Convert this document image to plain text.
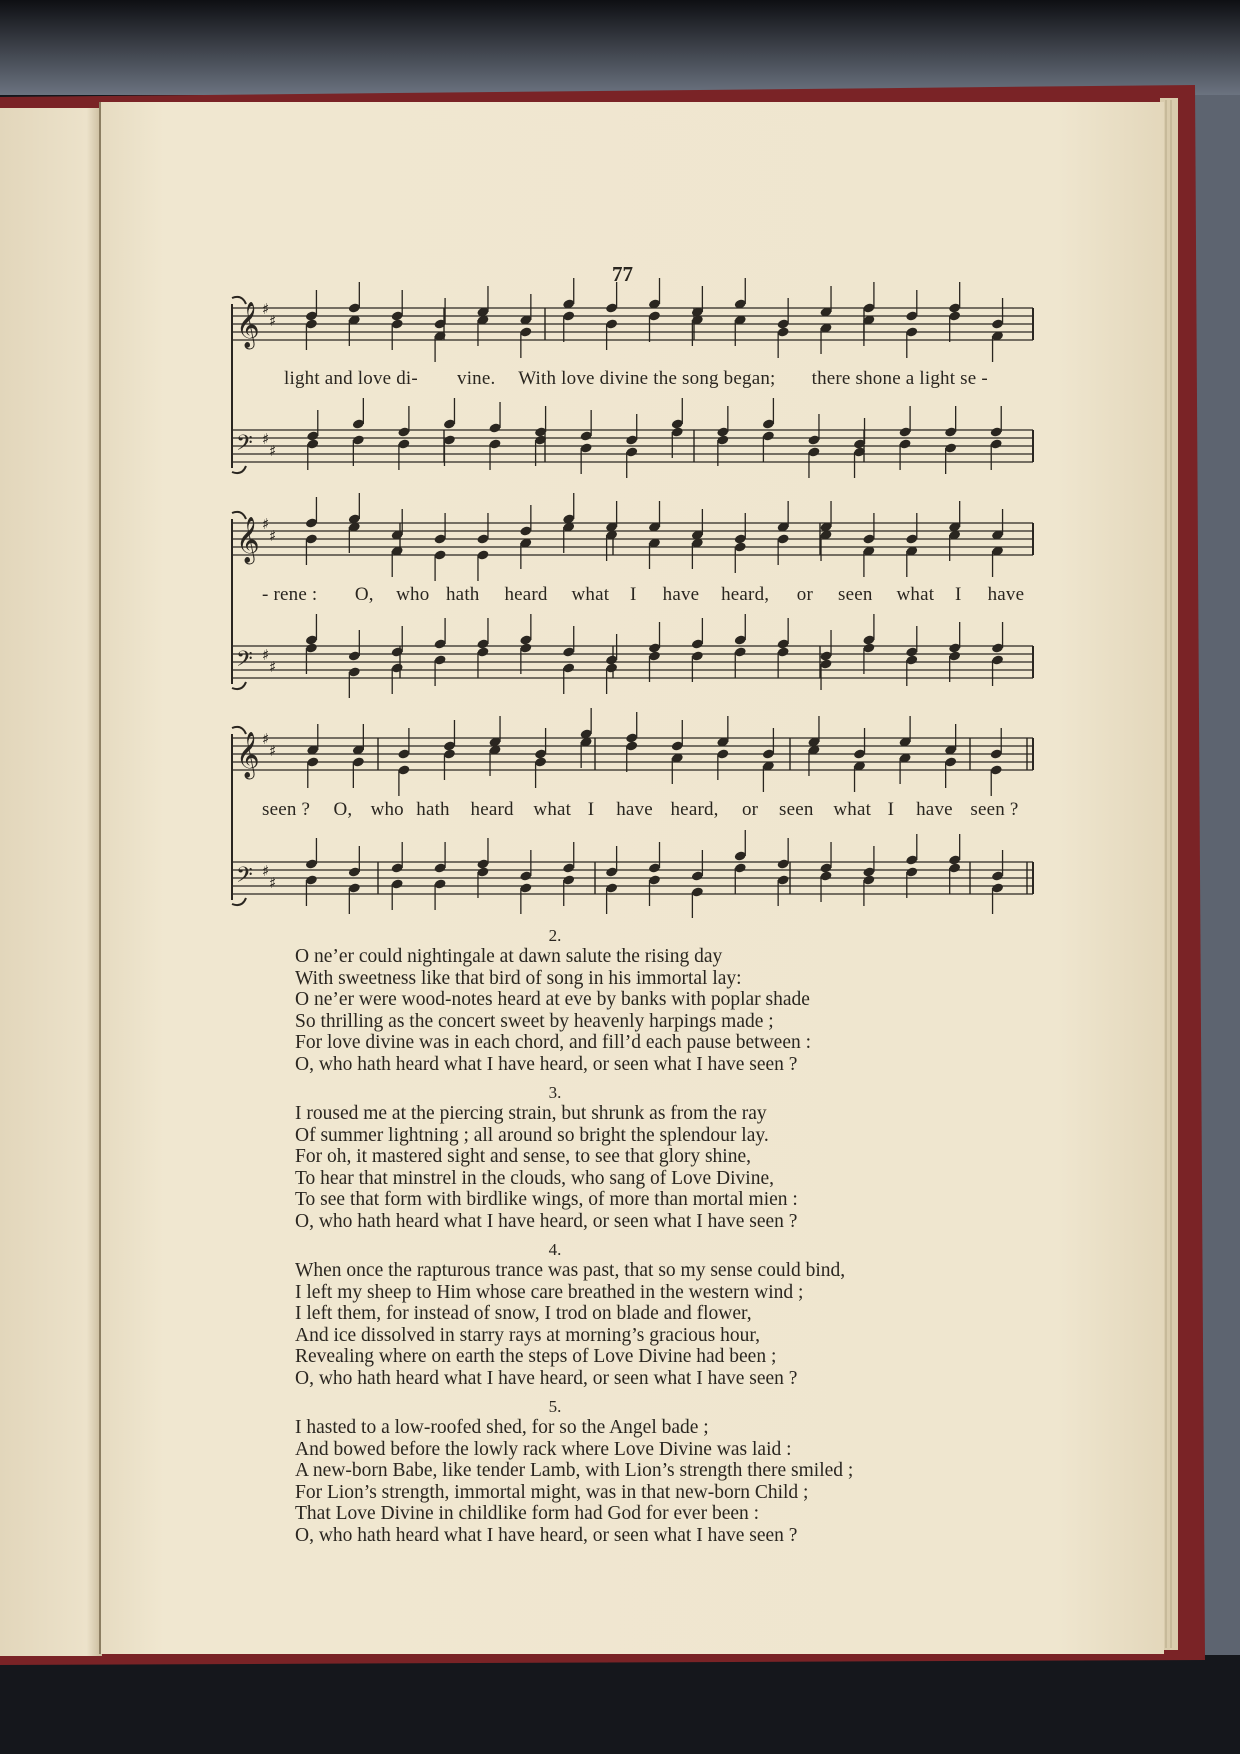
𝄞 ♯
♯
𝄢 ♯
♯
𝄞 ♯
♯
𝄢 ♯
♯
𝄞 ♯
♯
𝄢 ♯
♯
77
light and love di- vine. With love divine the song began; there shone a light se -
- rene : O, who hath heard what I have heard, or seen what I have
seen ? O, who hath heard what I have heard, or seen what I have seen ?
2.
O ne’er could nightingale at dawn salute the rising day
With sweetness like that bird of song in his immortal lay:
O ne’er were wood-notes heard at eve by banks with poplar shade
So thrilling as the concert sweet by heavenly harpings made ;
For love divine was in each chord, and fill’d each pause between :
O, who hath heard what I have heard, or seen what I have seen ?
3.
I roused me at the piercing strain, but shrunk as from the ray
Of summer lightning ; all around so bright the splendour lay.
For oh, it mastered sight and sense, to see that glory shine,
To hear that minstrel in the clouds, who sang of Love Divine,
To see that form with birdlike wings, of more than mortal mien :
O, who hath heard what I have heard, or seen what I have seen ?
4.
When once the rapturous trance was past, that so my sense could bind,
I left my sheep to Him whose care breathed in the western wind ;
I left them, for instead of snow, I trod on blade and flower,
And ice dissolved in starry rays at morning’s gracious hour,
Revealing where on earth the steps of Love Divine had been ;
O, who hath heard what I have heard, or seen what I have seen ?
5.
I hasted to a low-roofed shed, for so the Angel bade ;
And bowed before the lowly rack where Love Divine was laid :
A new-born Babe, like tender Lamb, with Lion’s strength there smiled ;
For Lion’s strength, immortal might, was in that new-born Child ;
That Love Divine in childlike form had God for ever been :
O, who hath heard what I have heard, or seen what I have seen ?
